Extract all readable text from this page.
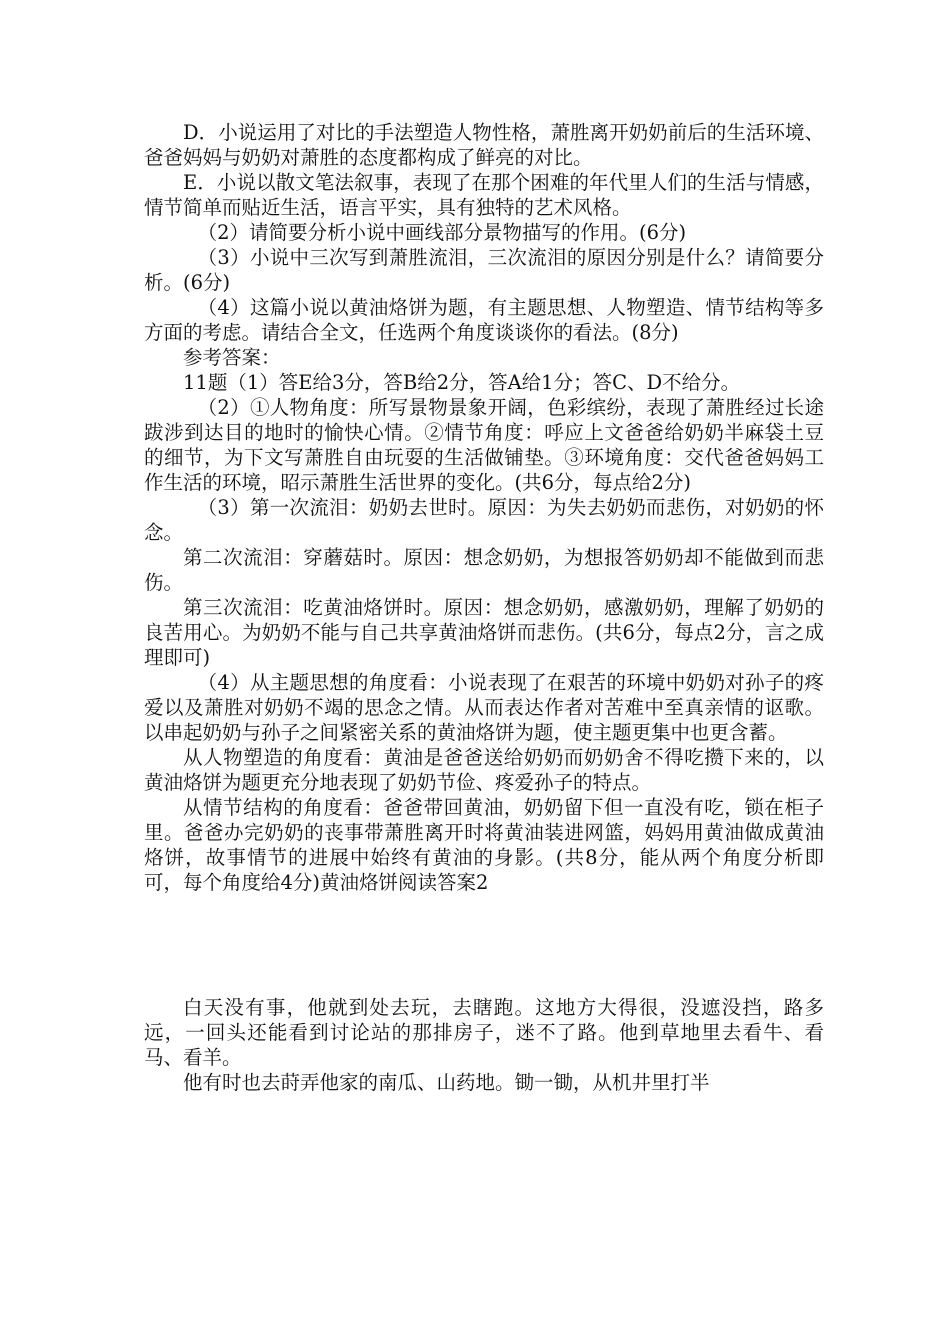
D．小说运用了对比的手法塑造人物性格，萧胜离开奶奶前后的生活环境、爸爸妈妈与奶奶对萧胜的态度都构成了鲜亮的对比。

E．小说以散文笔法叙事，表现了在那个困难的年代里人们的生活与情感，情节简单而贴近生活，语言平实，具有独特的艺术风格。

（2）请简要分析小说中画线部分景物描写的作用。(6分)

（3）小说中三次写到萧胜流泪，三次流泪的原因分别是什么？请简要分析。(6分)

（4）这篇小说以黄油烙饼为题，有主题思想、人物塑造、情节结构等多方面的考虑。请结合全文，任选两个角度谈谈你的看法。(8分)

参考答案：

11题（1）答E给3分，答B给2分，答A给1分；答C、D不给分。

（2）①人物角度：所写景物景象开阔，色彩缤纷，表现了萧胜经过长途跋涉到达目的地时的愉快心情。②情节角度：呼应上文爸爸给奶奶半麻袋土豆的细节，为下文写萧胜自由玩耍的生活做铺垫。③环境角度：交代爸爸妈妈工作生活的环境，昭示萧胜生活世界的变化。(共6分，每点给2分)

（3）第一次流泪：奶奶去世时。原因：为失去奶奶而悲伤，对奶奶的怀念。

第二次流泪：穿蘑菇时。原因：想念奶奶，为想报答奶奶却不能做到而悲伤。

第三次流泪：吃黄油烙饼时。原因：想念奶奶，感激奶奶，理解了奶奶的良苦用心。为奶奶不能与自己共享黄油烙饼而悲伤。(共6分，每点2分，言之成理即可)

（4）从主题思想的角度看：小说表现了在艰苦的环境中奶奶对孙子的疼爱以及萧胜对奶奶不竭的思念之情。从而表达作者对苦难中至真亲情的讴歌。以串起奶奶与孙子之间紧密关系的黄油烙饼为题，使主题更集中也更含蓄。

从人物塑造的角度看：黄油是爸爸送给奶奶而奶奶舍不得吃攒下来的，以黄油烙饼为题更充分地表现了奶奶节俭、疼爱孙子的特点。

从情节结构的角度看：爸爸带回黄油，奶奶留下但一直没有吃，锁在柜子里。爸爸办完奶奶的丧事带萧胜离开时将黄油装进网篮，妈妈用黄油做成黄油烙饼，故事情节的进展中始终有黄油的身影。(共8分，能从两个角度分析即可，每个角度给4分)黄油烙饼阅读答案2

白天没有事，他就到处去玩，去瞎跑。这地方大得很，没遮没挡，路多远，一回头还能看到讨论站的那排房子，迷不了路。他到草地里去看牛、看马、看羊。

他有时也去莳弄他家的南瓜、山药地。锄一锄，从机井里打半
